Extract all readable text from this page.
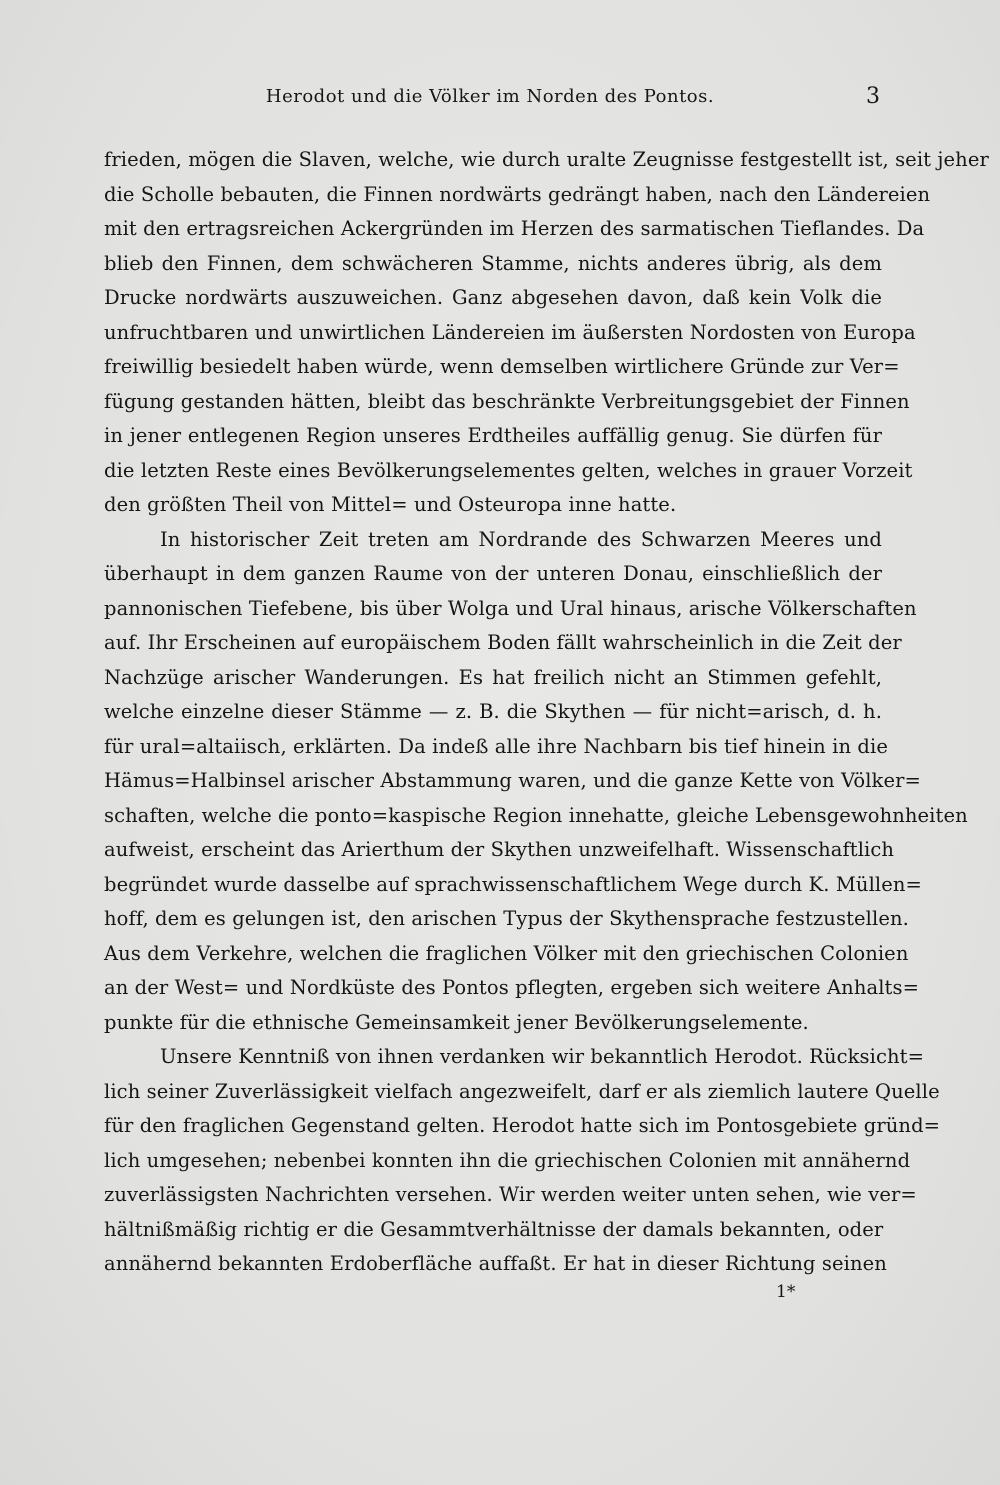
Herodot und die Völker im Norden des Pontos.	3
frieden, mögen die Slaven, welche, wie durch uralte Zeugnisse festgestellt ist, seit jeher
die Scholle bebauten, die Finnen nordwärts gedrängt haben, nach den Ländereien
mit den ertragsreichen Ackergründen im Herzen des sarmatischen Tieflandes. Da
blieb den Finnen, dem schwächeren Stamme, nichts anderes übrig, als dem
Drucke nordwärts auszuweichen. Ganz abgesehen davon, daß kein Volk die
unfruchtbaren und unwirtlichen Ländereien im äußersten Nordosten von Europa
freiwillig besiedelt haben würde, wenn demselben wirtlichere Gründe zur Ver=
fügung gestanden hätten, bleibt das beschränkte Verbreitungsgebiet der Finnen
in jener entlegenen Region unseres Erdtheiles auffällig genug. Sie dürfen für
die letzten Reste eines Bevölkerungselementes gelten, welches in grauer Vorzeit
den größten Theil von Mittel= und Osteuropa inne hatte.
In historischer Zeit treten am Nordrande des Schwarzen Meeres und
überhaupt in dem ganzen Raume von der unteren Donau, einschließlich der
pannonischen Tiefebene, bis über Wolga und Ural hinaus, arische Völkerschaften
auf. Ihr Erscheinen auf europäischem Boden fällt wahrscheinlich in die Zeit der
Nachzüge arischer Wanderungen. Es hat freilich nicht an Stimmen gefehlt,
welche einzelne dieser Stämme — z. B. die Skythen — für nicht=arisch, d. h.
für ural=altaiisch, erklärten. Da indeß alle ihre Nachbarn bis tief hinein in die
Hämus=Halbinsel arischer Abstammung waren, und die ganze Kette von Völker=
schaften, welche die ponto=kaspische Region innehatte, gleiche Lebensgewohnheiten
aufweist, erscheint das Arierthum der Skythen unzweifelhaft. Wissenschaftlich
begründet wurde dasselbe auf sprachwissenschaftlichem Wege durch K. Müllen=
hoff, dem es gelungen ist, den arischen Typus der Skythensprache festzustellen.
Aus dem Verkehre, welchen die fraglichen Völker mit den griechischen Colonien
an der West= und Nordküste des Pontos pflegten, ergeben sich weitere Anhalts=
punkte für die ethnische Gemeinsamkeit jener Bevölkerungselemente.
Unsere Kenntniß von ihnen verdanken wir bekanntlich Herodot. Rücksicht=
lich seiner Zuverlässigkeit vielfach angezweifelt, darf er als ziemlich lautere Quelle
für den fraglichen Gegenstand gelten. Herodot hatte sich im Pontosgebiete gründ=
lich umgesehen; nebenbei konnten ihn die griechischen Colonien mit annähernd
zuverlässigsten Nachrichten versehen. Wir werden weiter unten sehen, wie ver=
hältnißmäßig richtig er die Gesammtverhältnisse der damals bekannten, oder
annähernd bekannten Erdoberfläche auffaßt. Er hat in dieser Richtung seinen
1*
